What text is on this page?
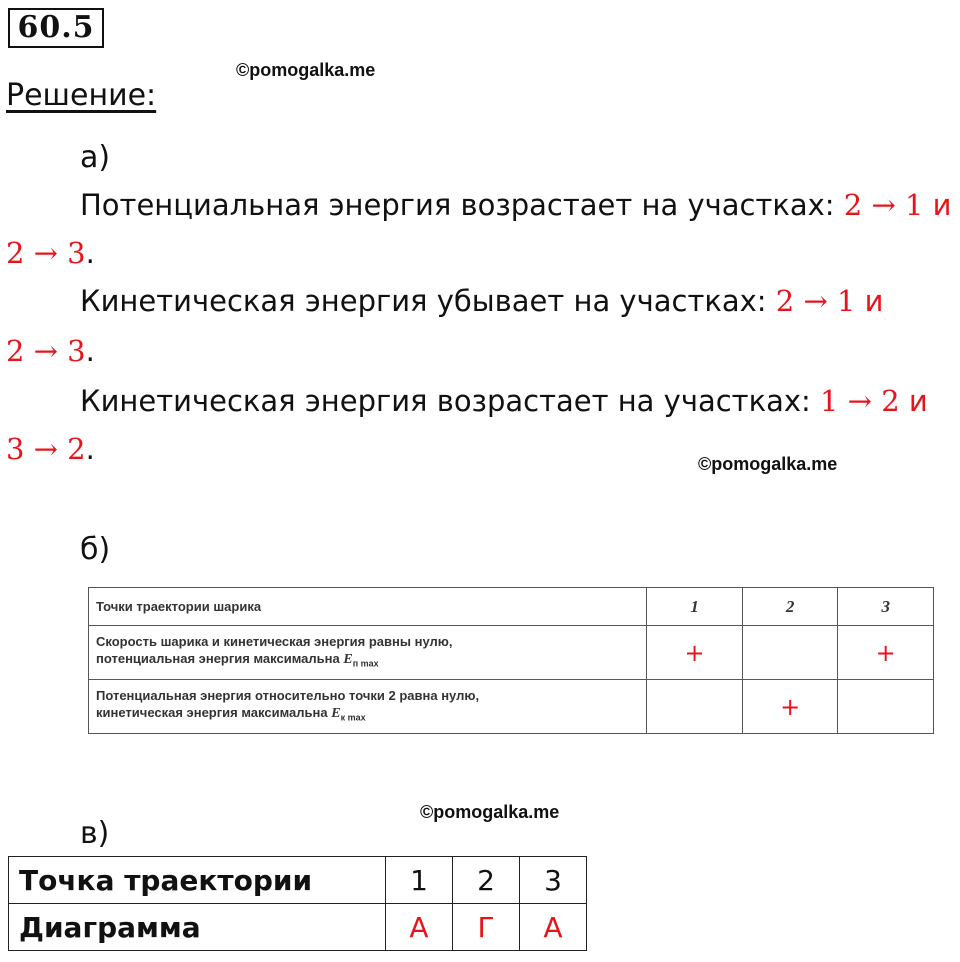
60.5
©pomogalka.me
Решение:
а)
Потенциальная энергия возрастает на участках: 2 → 1 и
2 → 3.
Кинетическая энергия убывает на участках: 2 → 1 и
2 → 3.
Кинетическая энергия возрастает на участках: 1 → 2 и
3 → 2.	©pomogalka.me
б)
Точки траектории шарика	1	2	3

Скорость шарика и кинетическая энергия равны нулю,
потенциальная энергия максимальна $E_{п max}$	+		+

Потенциальная энергия относительно точки 2 равна нулю,
кинетическая энергия максимальна $E_{к max}$		+	
©pomogalka.me
в)
Точка траектории	1	2	3
Диаграмма	А	Г	А
